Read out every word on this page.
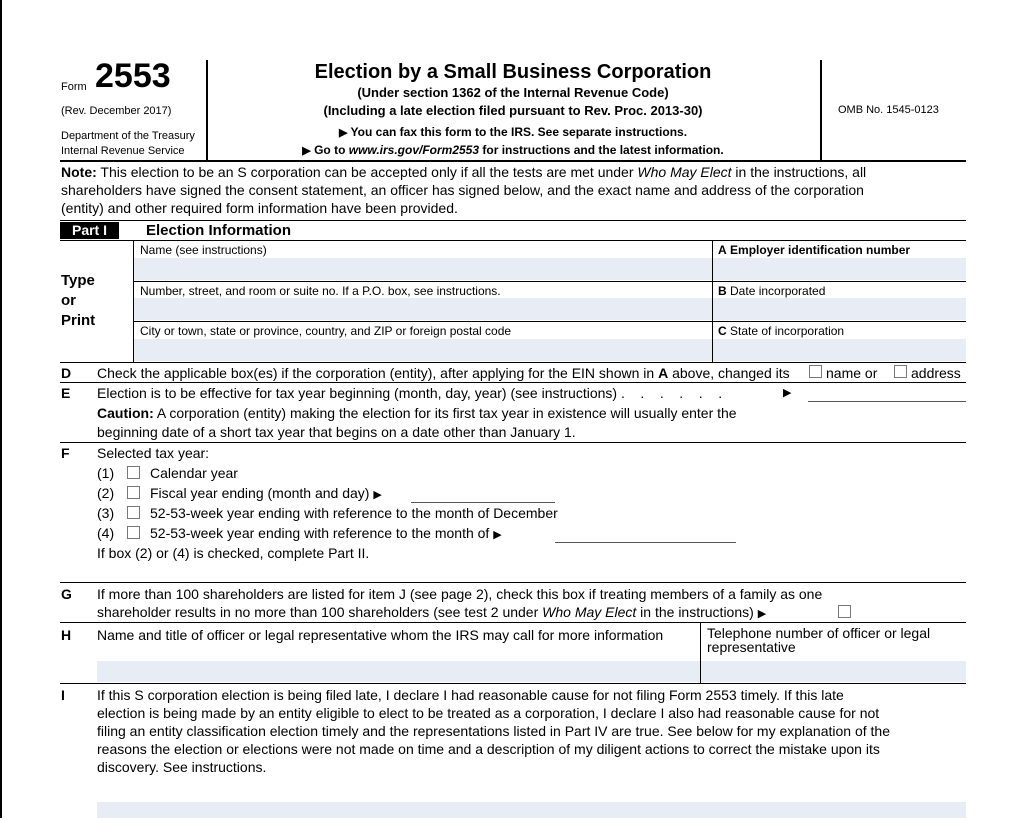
Form 2553
(Rev. December 2017)
Department of the Treasury
Internal Revenue Service
Election by a Small Business Corporation
(Under section 1362 of the Internal Revenue Code)
(Including a late election filed pursuant to Rev. Proc. 2013-30)
▶ You can fax this form to the IRS. See separate instructions.
▶ Go to www.irs.gov/Form2553 for instructions and the latest information.
OMB No. 1545-0123
Note: This election to be an S corporation can be accepted only if all the tests are met under Who May Elect in the instructions, all
shareholders have signed the consent statement, an officer has signed below, and the exact name and address of the corporation
(entity) and other required form information have been provided.
Part I	Election Information
Type
or
Print
Name (see instructions)	A Employer identification number
Number, street, and room or suite no. If a P.O. box, see instructions.	B Date incorporated
City or town, state or province, country, and ZIP or foreign postal code	C State of incorporation
D Check the applicable box(es) if the corporation (entity), after applying for the EIN shown in A above, changed its	name or address
E Election is to be effective for tax year beginning (month, day, year) (see instructions) .    .    .    .    .    .	▶
Caution: A corporation (entity) making the election for its first tax year in existence will usually enter the
beginning date of a short tax year that begins on a date other than January 1.
F Selected tax year:
(1)	Calendar year
(2)	Fiscal year ending (month and day) ▶
(3)	52-53-week year ending with reference to the month of December
(4)	52-53-week year ending with reference to the month of ▶
If box (2) or (4) is checked, complete Part II.
G If more than 100 shareholders are listed for item J (see page 2), check this box if treating members of a family as one
shareholder results in no more than 100 shareholders (see test 2 under Who May Elect in the instructions) ▶
H Name and title of officer or legal representative whom the IRS may call for more information	Telephone number of officer or legal
representative
I If this S corporation election is being filed late, I declare I had reasonable cause for not filing Form 2553 timely. If this late
election is being made by an entity eligible to elect to be treated as a corporation, I declare I also had reasonable cause for not
filing an entity classification election timely and the representations listed in Part IV are true. See below for my explanation of the
reasons the election or elections were not made on time and a description of my diligent actions to correct the mistake upon its
discovery. See instructions.
